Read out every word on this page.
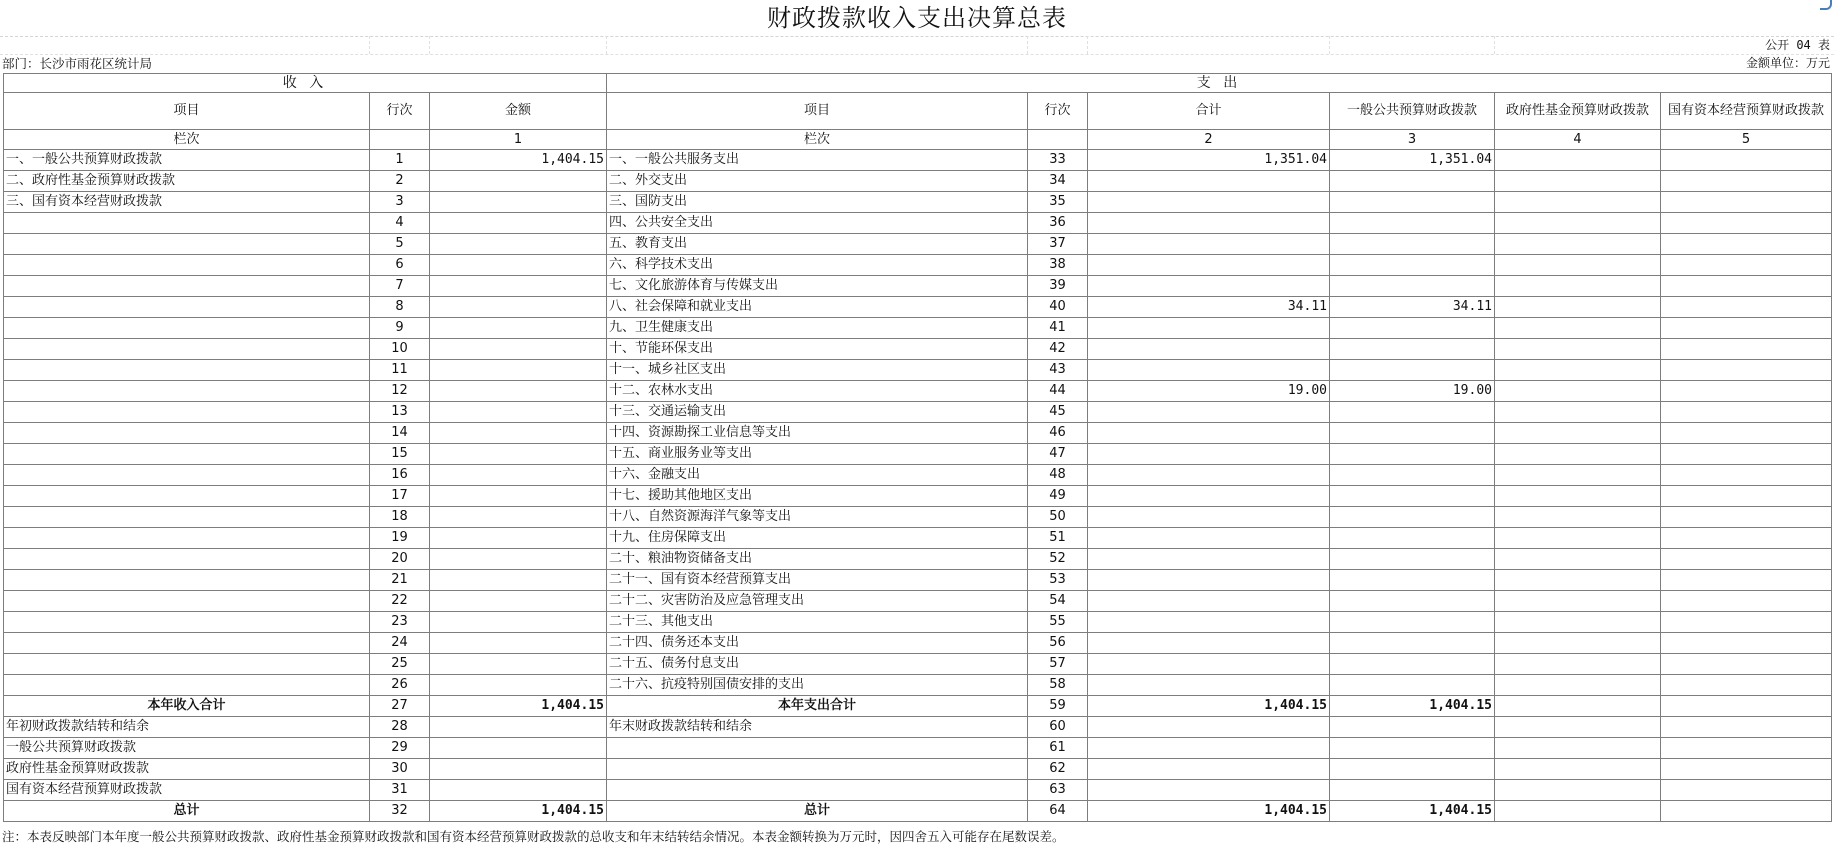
财政拨款收入支出决算总表
公开 04 表
部门：长沙市雨花区统计局	金额单位：万元
收 入			支 出					
项目	行次	金额	项目	行次	合计	一般公共预算财政拨款	政府性基金预算财政拨款	国有资本经营预算财政拨款
栏次		1	栏次		2	3	4	5
一、一般公共预算财政拨款	1	1,404.15	一、一般公共服务支出	33	1,351.04	1,351.04		
二、政府性基金预算财政拨款	2		二、外交支出	34				
三、国有资本经营财政拨款	3		三、国防支出	35				
	4		四、公共安全支出	36				
	5		五、教育支出	37				
	6		六、科学技术支出	38				
	7		七、文化旅游体育与传媒支出	39				
	8		八、社会保障和就业支出	40	34.11	34.11		
	9		九、卫生健康支出	41				
	10		十、节能环保支出	42				
	11		十一、城乡社区支出	43				
	12		十二、农林水支出	44	19.00	19.00		
	13		十三、交通运输支出	45				
	14		十四、资源勘探工业信息等支出	46				
	15		十五、商业服务业等支出	47				
	16		十六、金融支出	48				
	17		十七、援助其他地区支出	49				
	18		十八、自然资源海洋气象等支出	50				
	19		十九、住房保障支出	51				
	20		二十、粮油物资储备支出	52				
	21		二十一、国有资本经营预算支出	53				
	22		二十二、灾害防治及应急管理支出	54				
	23		二十三、其他支出	55				
	24		二十四、债务还本支出	56				
	25		二十五、债务付息支出	57				
	26		二十六、抗疫特别国债安排的支出	58				
本年收入合计	27	1,404.15	本年支出合计	59	1,404.15	1,404.15		
年初财政拨款结转和结余	28		年末财政拨款结转和结余	60				
一般公共预算财政拨款	29			61				
政府性基金预算财政拨款	30			62				
国有资本经营预算财政拨款	31			63				
总计	32	1,404.15	总计	64	1,404.15	1,404.15		
注：本表反映部门本年度一般公共预算财政拨款、政府性基金预算财政拨款和国有资本经营预算财政拨款的总收支和年末结转结余情况。本表金额转换为万元时，因四舍五入可能存在尾数误差。
